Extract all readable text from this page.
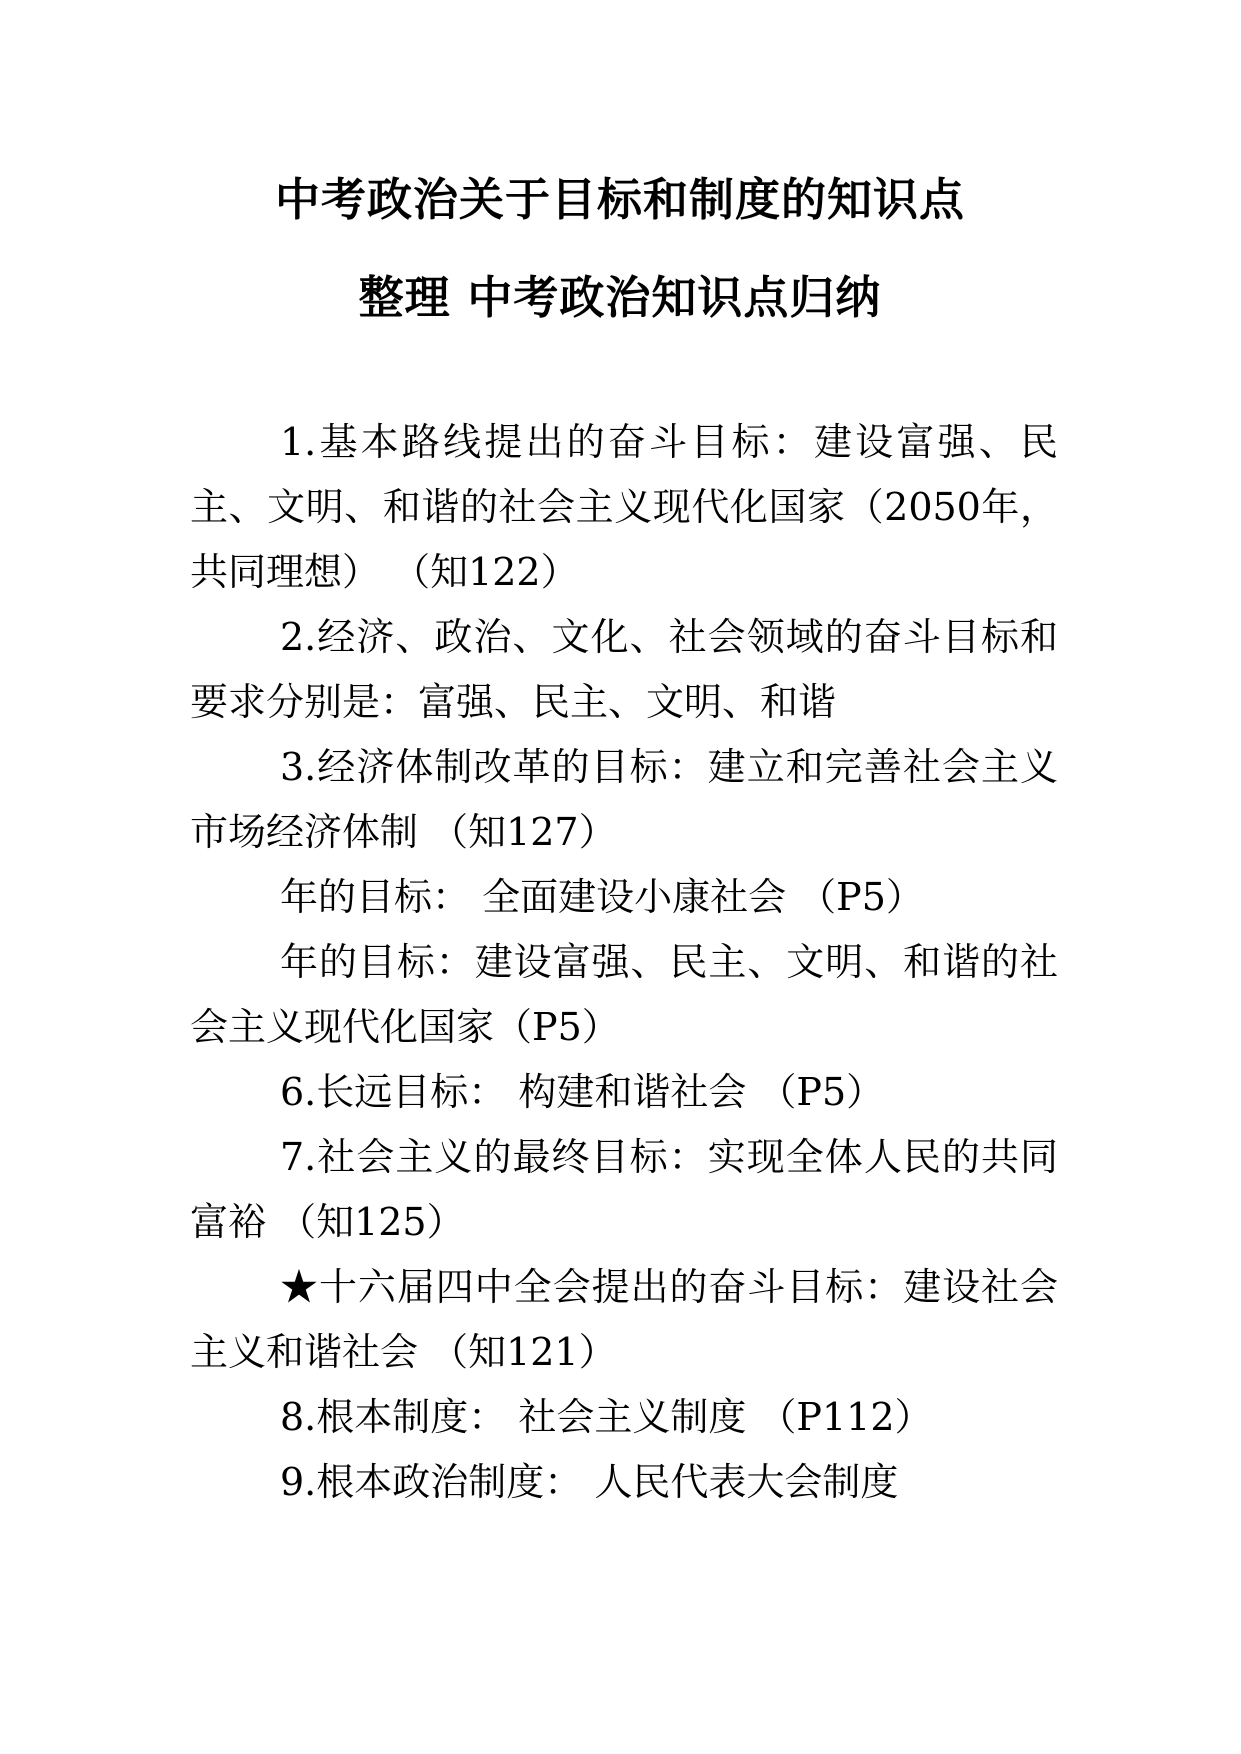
中考政治关于目标和制度的知识点
整理 中考政治知识点归纳

1.基本路线提出的奋斗目标：建设富强、民主、文明、和谐的社会主义现代化国家（2050年，共同理想） （知122）

2.经济、政治、文化、社会领域的奋斗目标和要求分别是：富强、民主、文明、和谐

3.经济体制改革的目标：建立和完善社会主义市场经济体制 （知127）

年的目标： 全面建设小康社会 （P5）

年的目标：建设富强、民主、文明、和谐的社会主义现代化国家（P5）

6.长远目标： 构建和谐社会 （P5）

7.社会主义的最终目标：实现全体人民的共同富裕 （知125）

★十六届四中全会提出的奋斗目标：建设社会主义和谐社会 （知121）

8.根本制度： 社会主义制度 （P112）

9.根本政治制度： 人民代表大会制度
